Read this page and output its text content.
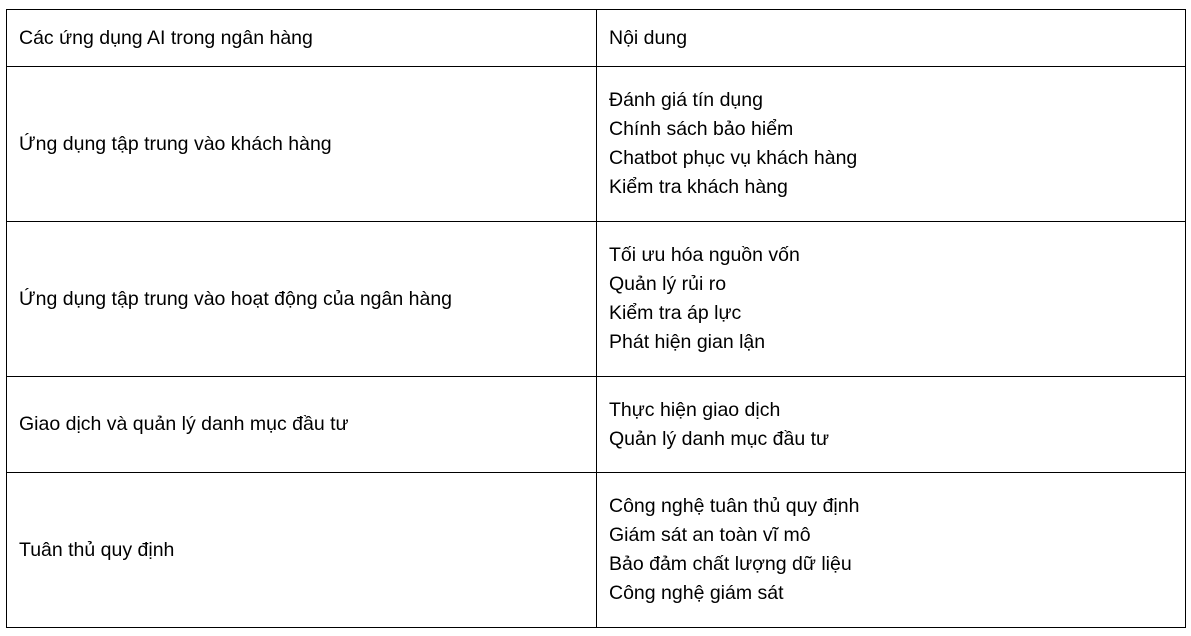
Các ứng dụng AI trong ngân hàng	Nội dung
Ứng dụng tập trung vào khách hàng	Đánh giá tín dụng
Chính sách bảo hiểm
Chatbot phục vụ khách hàng
Kiểm tra khách hàng

Ứng dụng tập trung vào hoạt động của ngân hàng	Tối ưu hóa nguồn vốn
Quản lý rủi ro
Kiểm tra áp lực
Phát hiện gian lận

Giao dịch và quản lý danh mục đầu tư	Thực hiện giao dịch
Quản lý danh mục đầu tư

Tuân thủ quy định	Công nghệ tuân thủ quy định
Giám sát an toàn vĩ mô
Bảo đảm chất lượng dữ liệu
Công nghệ giám sát
